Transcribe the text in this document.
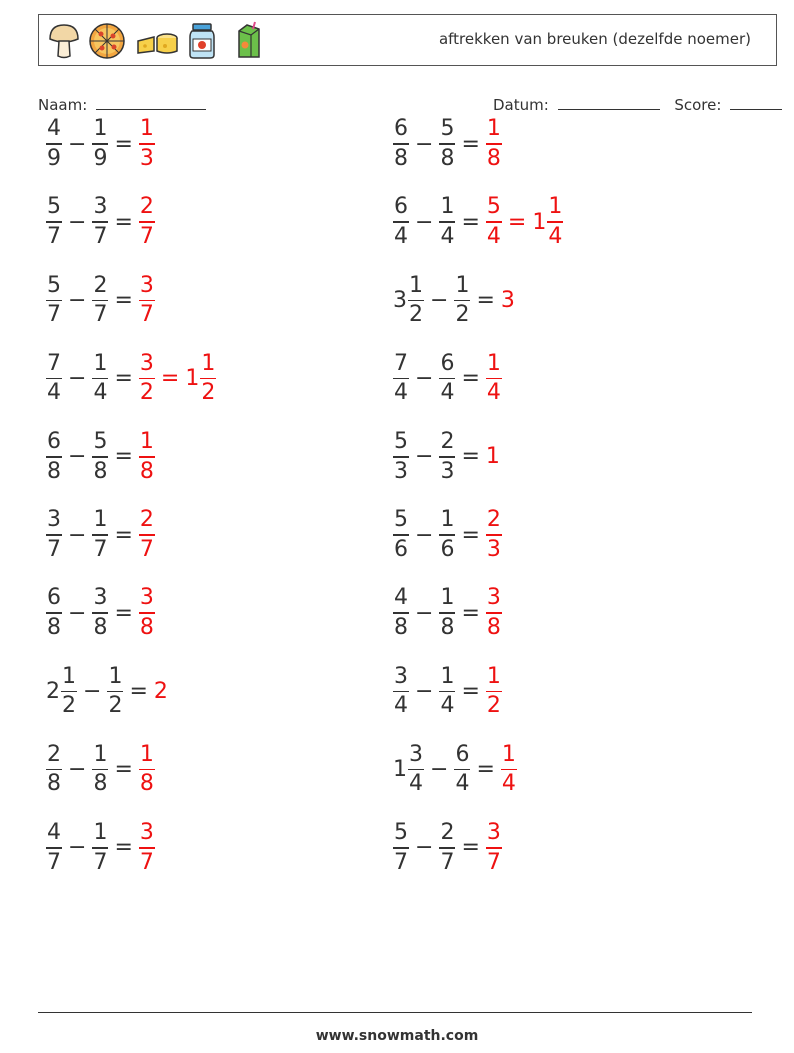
aftrekken van breuken (dezelfde noemer)
Naam:	Datum:	Score:
$\frac{4}{9} - \frac{1}{9} = \frac{1}{3}$	$\frac{6}{8} - \frac{5}{8} = \frac{1}{8}$
$\frac{5}{7} - \frac{3}{7} = \frac{2}{7}$	$\frac{6}{4} - \frac{1}{4} = \frac{5}{4} = 1 \frac{1}{4}$
$\frac{5}{7} - \frac{2}{7} = \frac{3}{7}$	$3 \frac{1}{2} - \frac{1}{2} = 3$
$\frac{7}{4} - \frac{1}{4} = \frac{3}{2} = 1 \frac{1}{2}$	$\frac{7}{4} - \frac{6}{4} = \frac{1}{4}$
$\frac{6}{8} - \frac{5}{8} = \frac{1}{8}$	$\frac{5}{3} - \frac{2}{3} = 1$
$\frac{3}{7} - \frac{1}{7} = \frac{2}{7}$	$\frac{5}{6} - \frac{1}{6} = \frac{2}{3}$
$\frac{6}{8} - \frac{3}{8} = \frac{3}{8}$	$\frac{4}{8} - \frac{1}{8} = \frac{3}{8}$
$2 \frac{1}{2} - \frac{1}{2} = 2$	$\frac{3}{4} - \frac{1}{4} = \frac{1}{2}$
$\frac{2}{8} - \frac{1}{8} = \frac{1}{8}$	$1 \frac{3}{4} - \frac{6}{4} = \frac{1}{4}$
$\frac{4}{7} - \frac{1}{7} = \frac{3}{7}$	$\frac{5}{7} - \frac{2}{7} = \frac{3}{7}$
www.snowmath.com
